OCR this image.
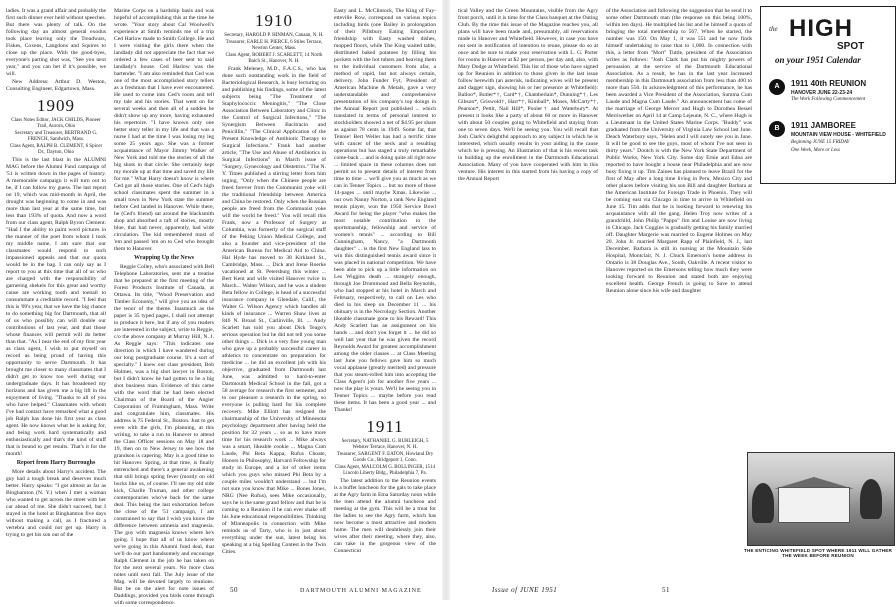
ladies. It was a grand affair and probably the first such dinner ever held without speeches. But there was plenty of talk. On the following day an almost general exodus took place leaving only the Treadwars, Fiskes, Coxens, Langdons and Squires to close up the place. With the good-byes, everyone's parting shot was, "See you next year," and you can bet if it's possible, we will.

New Address: Arthur D. Weston, Consulting Engineer, Edgartown, Mass.

1909

Class Notes Editor, JACK CHILDS, Pioneer Trail, Aurora, Ohio

Secretary and Treasurer, BERTRAND G. FRENCH, Sandwich, Mass.

Class Agent, RALPH B. CLEMENT, 6 Spicer Dr., Dayton, Ohio

This is the last blast in the ALUMNI MAG before the Alumni Fund campaign of '51 is written down in the pages of history. A memorable campaign it will turn out to be, if I can follow my guess. The last report on 19, which was mid-month in April, the drought was beginning to come in and was more than last year at the same time, but less than 193% of quota. And now a word from our class agent, Ralph Byron Clement: "Had I the ability to paint word pictures in the manner of the poet from whom I took my middle name, I am sure that our classmates would respond to such impassioned appeals and that our quota would be in the bag. I can only say as I report to you at this time that all of us who are charged with the responsibility of garnering shekels for this great and worthy cause are working tooth and toenail to consummate a creditable record. "I feel that this is '09's year, that we have the big chance to do something big for Dartmouth, that all of us who possibly can will double our contributions of last year, and that those whose finances will permit will do better than that. "As I near the end of my first year as class agent, I wish to put myself on record as being proud of having this opportunity to serve Dartmouth. It has brought me closer to many classmates that I didn't get to know too well during our undergraduate days. It has broadened my horizons and has given me a big lift in the enjoyment of living. "Thanks to all of you who have helped." Classmates with whom I've had contact have remarked what a good job Ralph has done his first year as class agent. He now knows what he is asking for, and being work hard systematically and enthusiastically and that's the kind of stuff that is bound to get results. That's it for the month!

Report from Harry Burroughs

More details about Harry's accident. The guy had a tough break and deserves much better. Harry speaks: "I got almost as far as Binghamton (N. Y.) when I met a woman who wanted to get across the street with her car ahead of me. She didn't succeed, but I stayed in the hotel at Binghamton five days without making a call, as I fractured a vertebra and could not get up. Harry is trying to get his son out of the

Marine Corps on a hardship basis and was hopeful of accomplishing this at the time he wrote. "Your story about Cal Woolwell's experience at Smith reminds me of a trip Ced Harlow made to Smith College. He and I were visiting the girls there when the landlady did not appreciate the fact that we ordered a few cases of beer sent to said landlady's house. Ced Harlow was the bartender. "I am also reminded that Ced was one of the most accomplished story tellers as a freshman that I have ever encountered. He used to come into Ced's room and tell my tale and his stories. That went on for several weeks and then all of a sudden he didn't show up any more, having exhausted his repertoire. "I have known only one better story teller in my life and that was a nurse I had at the time I was losing my leg some 25 years ago. She was a former acquaintance of Mayor Jimmy Walker of New York and told me the stories of all the big shots in that circle. She certainly kept my morale up at that time and saved my life for me." What Harry doesn't know is where Ced got all those stories. One of Ced's high school classmates spent the summer in a small town in New York state the summer before Ced landed in Hanover. While there, he (Ced's friend) sat around the blacksmith shop and absorbed a raft of stories, mostly blue, that had never, apparently, had wide circulation. The kid remembered most of 'em and passed 'em on to Ced who brought them to Hanover.

Wrapping Up the News

Reggie Colley, who's associated with Bell Telephone Laboratories, sent me a treatise that he prepared at the first meeting of the Forest Products Institute of Canada, at Ottawa. Its title, "Wood Preservation and Timber Economy," will give you an idea of the tenor of the theme. Inasmuch as the paper is 35 typed pages, I shall not attempt to produce it here, but if any of you readers are interested in the subject, write to Reggie, c/o the above company at Murray Hill, N. J. As Reggie says: "This indicates one direction in which I have wandered during our long postgraduate course. It's a sort of specialty." I knew our class president, Bob Holmes, was a big shot lawyer in Boston, but I didn't know he had gotten to be a big shot business man. Evidence of this came with the word that he had been elected Chairman of the Board of the Angier Corporation of Framingham, Mass. Write and congratulate him, classmates. His address is 75 Federal St., Boston. Just to get even with the girls, I'm planning, at this writing, to take a run to Hanover to attend the Class Officer sessions on May 18 and 19, then on to New Jersey to see how the grandson is capering. May is a good time to hit Hanover. Spring, at that time, is finally entrenched and there's a general awakening that still brings spring fever (mostly on old bucks like us, of course. I'll see my old side kick, Charlie Truman, and other college contemporaries who've back for the same deal. This being the last exhortation before the close of the '51 campaign, I am constrained to say that I wish you know the difference between amnesia and magnesia. The guy with magnesia knows where he's going. I hope that all of us know where we're going in this Alumni fund deal, that we'll do our part handsomely and encourage Ralph Clement in the job he has taken on for the next several years. No more class notes until next fall. The July issue of the Mag. will be devoted largely to reunions. But be on the alert for note issues of Daddings, provided you birds come through with some correspondence.

1910

Secretary, HAROLD P. HINMAN, Canaan, N. H.

Treasurer, EARLE H. PIERCE, 6 Stiles Terrace, Newton Center, Mass.

Class Agent, ROBERT J. SCARLETT, 14 North Balch St., Hanover, N. H.

Frank Meleney, M.D., F.A.C.S., who has done such outstanding work in the field of Bacteriological Research, is busy lecturing on and publishing his findings, some of the latest subjects being "The Treatment of Staphylococcic Meningitis," "The Close Association Between Laboratory and Clinic in the Control of Surgical Infections," "The Synergism Between Bacitracin and Penicillin," "The Clinical Application of the Present Knowledge of Antibiotic Therapy to Surgical Infections." Frank had another article, "The Use and Abuse of Antibiotics in Surgical Infections" in March issue of "Surgery, Gynecology and Obstetrics." The N. Y. Times published a stirring letter from him urging, "Only when the Chinese people are freed forever from the Communist yoke will the traditional friendship between America and China be restored. Only when the Russian people are freed from the Communist yoke will the world be freed." You will recall this Frank, now a Professor of Surgery at Columbia, was formerly of the surgical staff of the Peking Union Medical College, and also a founder and vice-president of the American Bureau for Medical Aid to China. Hal Hyde has moved to 38 Kirkland St., Cambridge, Mass. ... Dick and Irene Roerke vacationed at St. Petersburg this winter ... Bert Kent and wife visited Hanover twice in March... Walter Wilson, and he was a student Beta fellow in College, is head of a successful insurance company in Glendale, Calif., the Walter G. Wilson Agency which handles all kinds of insurance ... Warren Shaw lives at 846 N. Broad St., Carlinville, Ill. ... Andy Scarlett has told you about Dick Teago's serious operation but he did not tell you some other things ... Dick is a very fine young man who gave up a probably successful career in athletics to concentrate on preparation for medicine ... he did an excellent job with his objective, graduated from Dartmouth last June, was admitted to hard-to-enter Dartmouth Medical School in the fall, got a 58 average for research the first semester, and to our pleasure a research in the spring, so everyone is pulling hard for his complete recovery. Mike Elliott has resigned the chairmanship of the University of Minnesota psychology department after having held the position for 32 years ... so as to have more time for his research work ... Mike always was a smart, likeable cookie ... Magna Cum Laude, Phi Beta Kappa, Rufus Choate, Honors in Philosophy, Harvard Fellowship for study in Europe, and a lot of other items which you guys who missed Phi Beta by a couple miles wouldn't understand ... but I'm not sure you know that Mike ... Bones Jones, NRG (Nee Rufus), sees Mike occasionally, says he is the same grand fellow and that he is coming to a Reunion if he can ever shake off his June educational responsibilities. Thinking of Minneapolis in connection with Mike reminds us of Tarty, who is in just about everything under the sun, latest being his speaking at a big Spelling Contest in the Twin Cities.

Easty and L. McClintock, The King of Fay-etteville Row, correspond on various topics including birds (one Bailey in prolongation of their Pillsbury Eating Emporium) friendship with Easty washed dishes, mopped floors, while The King waited table, distributed baked potatoes by filling his pockets with the hot tubers and heaving them to the individual customers from afar, a method of rapid, but not always certain, delivery. John Funder Fyt, President of American Machine & Metals, gave a very understandable and comprehensive presentation of his company's top doings in the Annual Report just published ... which translated in terms of personal interest to stockholders showed a net of $4.95 per share as against 78 cents in 1949. Some fat, that Tennie! Bert Weller has had a terrific time with cancer of the neck and a resulting operations but has staged a truly remarkable come-back ... and is doing quite all right now ... limited space in these columns does not permit us to present details of interest from time to time ... we'll give you as much as we can in Tenner Topics ... but no more of those 14-pages ... until maybe Xmas. Likewise ... our own Nanny Norton, a rank New England tennis player, won the 1950 Service Bowl Award for being the player "who makes the most notable contribution to the sportsmanship, fellowship and service of women's tennis" ... according to Bill Cunningham, Nancy, "a Dartmouth daughter" ... is the first New England lass to win this distinguished tennis award since it was placed in national competition. We have been able to pick up a little information on Les Wiggins death ... strangely enough, through Joe Drummond and Bella Reynolds, who had stopped at his hotel in March and February, respectively, to call on Les who died in his sleep on December 11 ... his obituary is in the Necrology Section. Another likeable classmate gone to his Reward! This Andy Scarlett has an assignment on his hands ... and don't you forget it ... he did so well last year that he was given the record Reynolds Award for greatest accomplishment among the older classes ... at Class Meeting last June you fellows gave him so much vocal applause (greatly merited) and pressure that you steam-rolled him into accepting the Class Agent's job for another five years ... now the play is yours. We'll be seeing you in Tenner Topics ... maybe before you read these items. It has been a good year ... and Thanks!

1911

Secretary, NATHANIEL G. BURLEIGH, 5 Webster Terrace, Hanover, N. H.

Treasurer, SARGENT F. EATON, Howland Dry Goods Co., Bridgeport 1, Conn.

Class Agent, MALCOLM G. BOLLINGER, 1514 Lincoln Liberty Bldg., Philadelphia 7, Pa.

The latest addition to the Reunion events is a buffet luncheon for the gals to take place at the Agry farm in Etna Saturday noon while the men attend the alumni luncheon and meeting at the gym. This will be a treat for the ladies to see the Agry farm, which has now become a most attractive and modern home. The men will doubtlessly join their wives after their meeting, where they, also, can take in the gorgeous view of the Connecticut

50	DARTMOUTH ALUMNI MAGAZINE

tical Valley and the Green Mountains, visible from the Agry front porch, until it is time for the Class banquet at the Outing Club. By the time this issue of the Magazine reaches you, all plans will have been made and, presumably, all reservations made in Hanover and Whitefield. However, in case you have not sent in notification of intention to reune, please do so at once and be sure to make your reservation with L. G. Porter for rooms in Hanover at $2 per person, per day and, also, with Mary Dodge at Whitefield. This list of those who have signed up for Reunion in addition to those given in the last issue follow herewith (an asterisk, indicating wives will be present and dagger sign, showing his or her presence at Whitefield): Balloo*, Butler*†, Card*†, Chamberlain*, Dunning*†, Les Gibson*, Griswold†, Harr*†, Kimball*, Moses, McCarty*†, Pearson*, Pettit, Nail Hill*, Pooler† and Waterbury*. At present it looks like a party of about 60 or more in Hanover with about 50 couples going to Whitefield and staying from one to seven days. We'll be seeing you. You will recall that Josh Clark's delightful approach to any subject in which he is interested, which usually results in your aiding in the cause which he is pressing. An illustration of that is his recent task in building up the enrollment in the Dartmouth Educational Association. Many of you have cooperated with him in this venture. His interest in this started from his having a copy of the Annual Report

of the Association and following the suggestion that he send it to some other Dartmouth man (the response on this being 100%, within ten days). He multiplied his list and he himself a quota of bringing the total membership to 567. When he started, the number was 150. On May 1, it was 551 and he now finds himself undertaking to raise that to 1,000. In connection with this, a letter from "Mort" Tuttle, president of the Association writes as follows: "Josh Clark has put his mighty powers of persuasion at the service of the Dartmouth Educational Association. As a result, he has in the last year increased membership in this Dartmouth association from less than 400 to more than 550. In acknowledgment of this performance, he has been awarded a Vice President of the Association, Summa Cum Laude and Magna Cum Laude." An announcement has come of the marriage of George Mercer and Hugh to Dorothea Bessel Merriwether on April 14 at Camp Lejeune, N. C., where Hugh is a Lieutenant in the United States Marine Corps. "Buddy" was graduated from the University of Virginia Law School last June. Deach Waterbury says, "Helen and I will surely see you in June. It will be good to see the guys, most of whom I've not seen in thirty years." Doutch is with the New York State Department of Public Works, New York City. Some day Ernie and Edna are reported to have bought a house near Philadelphia and are now busy fixing it up. Tim Zaines has planned to leave Brazil for the first of May after a long time living in Peru, Mexico City and other places before visiting his son Bill and daughter Barbara at the American Institute for Foreign Trade in Phoenix. They will be coming east via Chicago in time to arrive in Whitefield on June 15. Tim adds that he is looking forward to renewing his acquaintance with all the gang. Helen Troy now writes of a grandchild, John Philip "Pappo" Jim and Louise are now living in Chicago. Jack Coggins is gradually getting his family married off. Daughter Margerie was married to Eugene Holmes on May 20. John Jr. married Margaret Rapp of Plainfield, N. J., last December. Barbara is still in nursing at the Mountain Side Hospital, Montclair, N. J. Chuck Emerson's home address in Ontario is 38 Douglas Ave., South, Oakville. A recent visitor to Hanover reported on the Emersons telling how much they were looking forward to Reunion and stated both are enjoying excellent health. George French is going to Save to attend Reunion alone since his wife and daughter

the HIGH
SPOT
on your 1951 Calendar
A	1911 40th REUNION
HANOVER JUNE 22-23-24
The Work Following Commencement
B	1911 JAMBOREE
MOUNTAIN VIEW HOUSE - WHITEFIELD
Beginning JUNE 15 FRIDAY
One Week, More or Less
THE ENTICING WHITEFIELD SPOT WHERE 1911 WILL GATHER THE WEEK BEFORE REUNION
Issue of JUNE 1951	51
